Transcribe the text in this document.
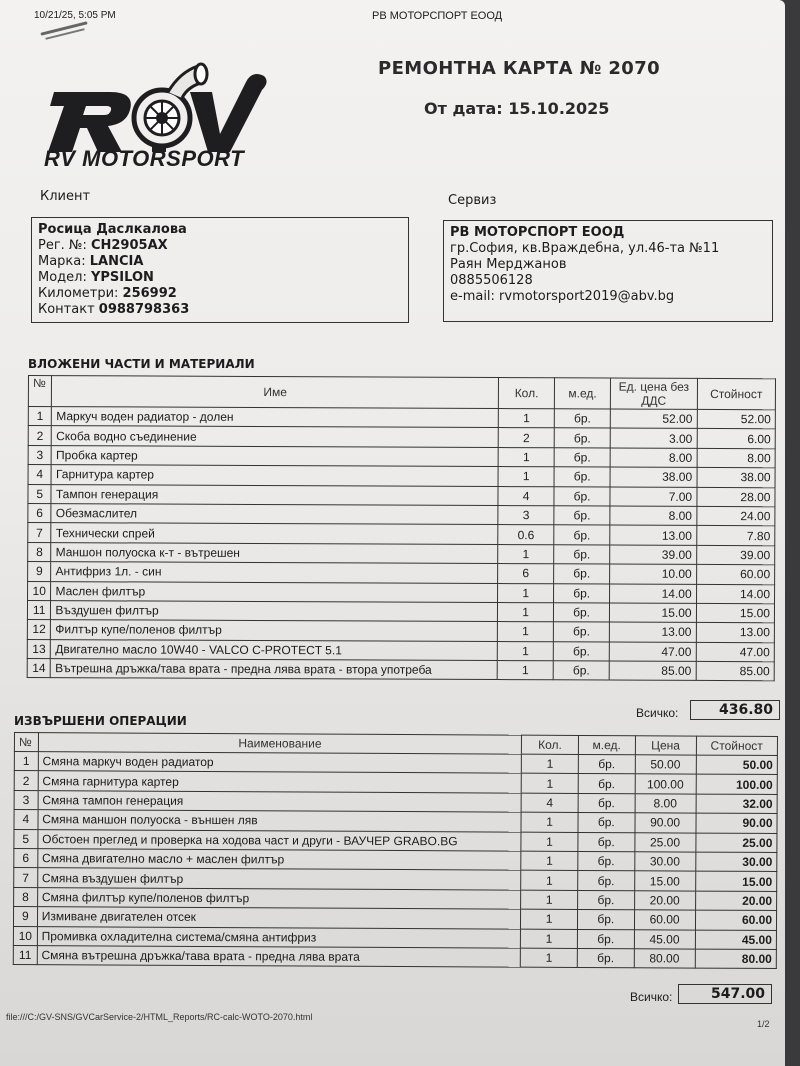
10/21/25, 5:05 PM	РВ МОТОРСПОРТ ЕООД
RV MOTORSPORT
РЕМОНТНА КАРТА № 2070
От дата: 15.10.2025
Клиент
Росица Даслкалова
Рег. №: CH2905AX
Марка: LANCIA
Модел: YPSILON
Километри: 256992
Контакт 0988798363
Сервиз
РВ МОТОРСПОРТ ЕООД
гр.София, кв.Враждебна, ул.46-та №11
Раян Мерджанов
0885506128
e-mail: rvmotorsport2019@abv.bg
ВЛОЖЕНИ ЧАСТИ И МАТЕРИАЛИ
№	Име	Кол.	м.ед.	Ед. цена без ДДС	Стойност
1	Маркуч воден радиатор - долен	1	бр.	52.00	52.00
2	Скоба водно съединение	2	бр.	3.00	6.00
3	Пробка картер	1	бр.	8.00	8.00
4	Гарнитура картер	1	бр.	38.00	38.00
5	Тампон генерация	4	бр.	7.00	28.00
6	Обезмаслител	3	бр.	8.00	24.00
7	Технически спрей	0.6	бр.	13.00	7.80
8	Маншон полуоска к-т - вътрешен	1	бр.	39.00	39.00
9	Антифриз 1л. - син	6	бр.	10.00	60.00
10	Маслен филтър	1	бр.	14.00	14.00
11	Въздушен филтър	1	бр.	15.00	15.00
12	Филтър купе/поленов филтър	1	бр.	13.00	13.00
13	Двигателно масло 10W40 - VALCO C-PROTECT 5.1	1	бр.	47.00	47.00
14	Вътрешна дръжка/тава врата - предна лява врата - втора употреба	1	бр.	85.00	85.00
Всичко:	436.80
ИЗВЪРШЕНИ ОПЕРАЦИИ
№	Наименование	Кол.	м.ед.	Цена	Стойност
1	Смяна маркуч воден радиатор	1	бр.	50.00	50.00
2	Смяна гарнитура картер	1	бр.	100.00	100.00
3	Смяна тампон генерация	4	бр.	8.00	32.00
4	Смяна маншон полуоска - външен ляв	1	бр.	90.00	90.00
5	Обстоен преглед и проверка на ходова част и други - ВАУЧЕР GRABO.BG	1	бр.	25.00	25.00
6	Смяна двигателно масло + маслен филтър	1	бр.	30.00	30.00
7	Смяна въздушен филтър	1	бр.	15.00	15.00
8	Смяна филтър купе/поленов филтър	1	бр.	20.00	20.00
9	Измиване двигателен отсек	1	бр.	60.00	60.00
10	Промивка охладителна система/смяна антифриз	1	бр.	45.00	45.00
11	Смяна вътрешна дръжка/тава врата - предна лява врата	1	бр.	80.00	80.00
Всичко:	547.00
file:///C:/GV-SNS/GVCarService-2/HTML_Reports/RC-calc-WOTO-2070.html
1/2
